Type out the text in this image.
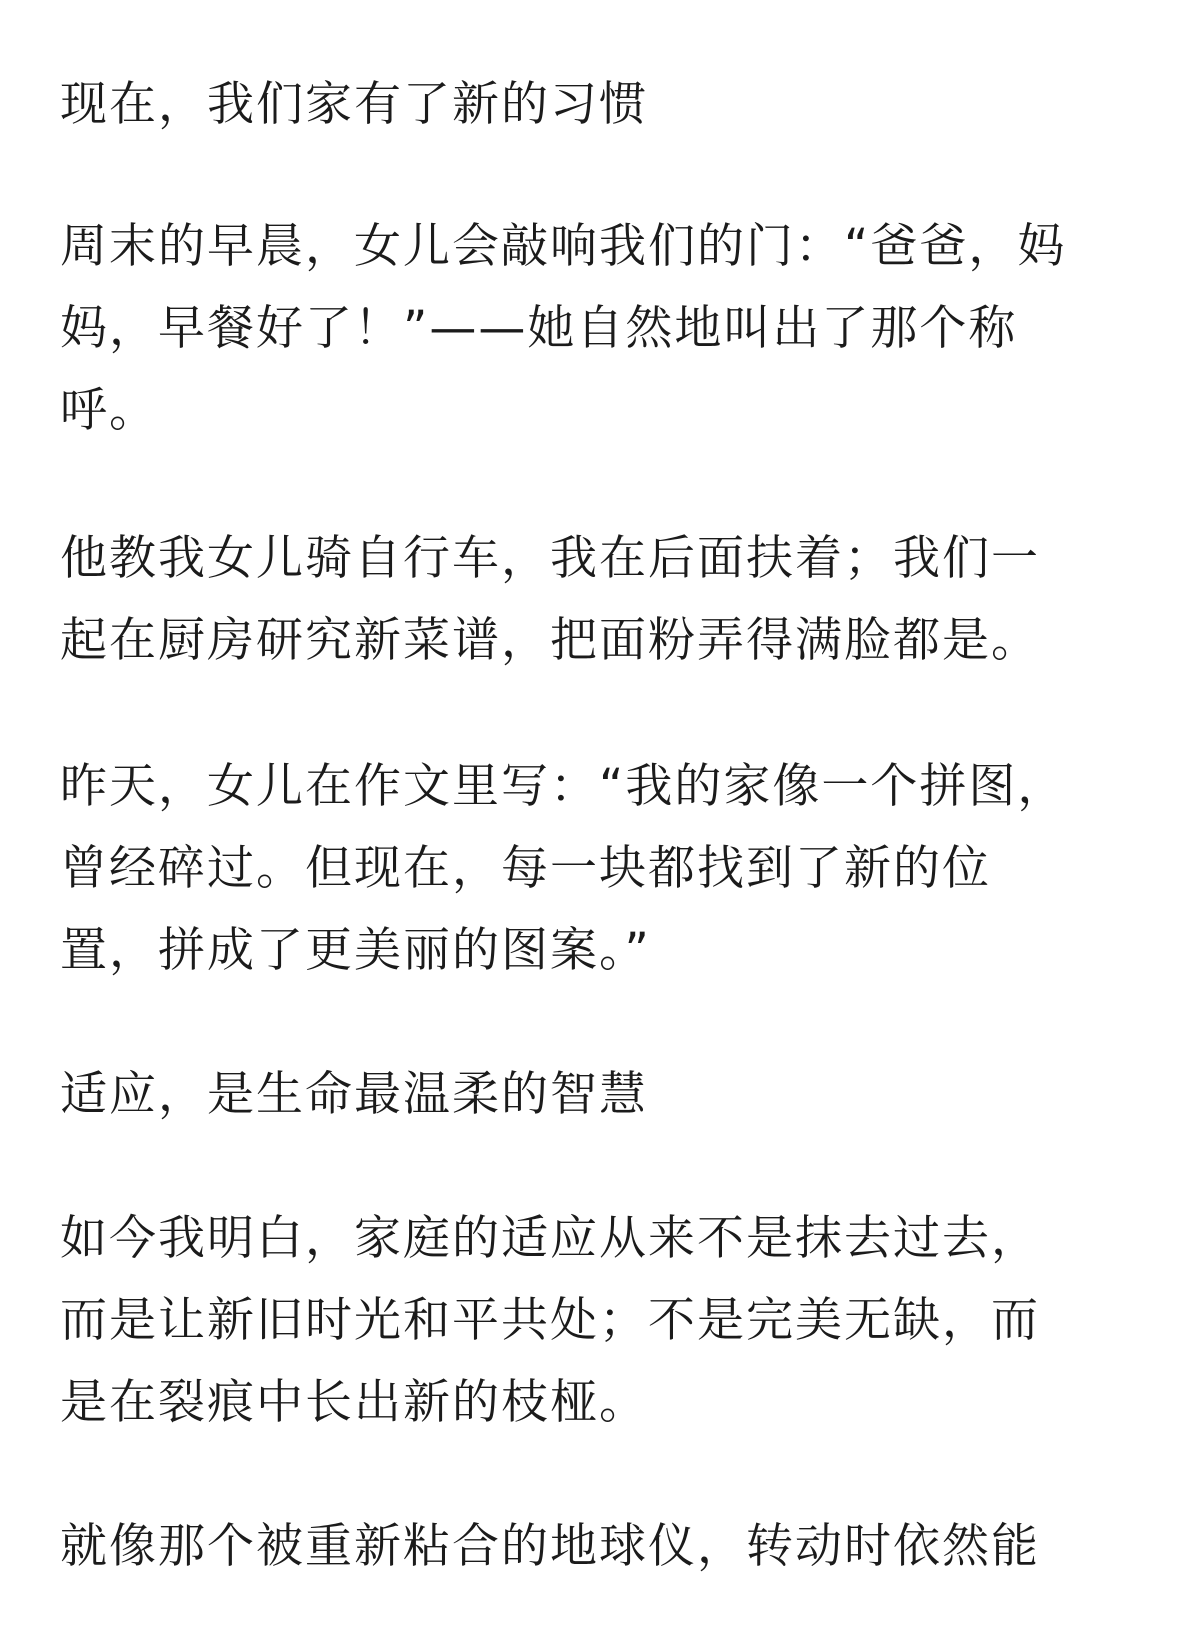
现在，我们家有了新的习惯

周末的早晨，女儿会敲响我们的门：“爸爸，妈
妈，早餐好了！”——她自然地叫出了那个称
呼。

他教我女儿骑自行车，我在后面扶着；我们一
起在厨房研究新菜谱，把面粉弄得满脸都是。

昨天，女儿在作文里写：“我的家像一个拼图，
曾经碎过。但现在，每一块都找到了新的位
置，拼成了更美丽的图案。”

适应，是生命最温柔的智慧

如今我明白，家庭的适应从来不是抹去过去，
而是让新旧时光和平共处；不是完美无缺，而
是在裂痕中长出新的枝桠。

就像那个被重新粘合的地球仪，转动时依然能
